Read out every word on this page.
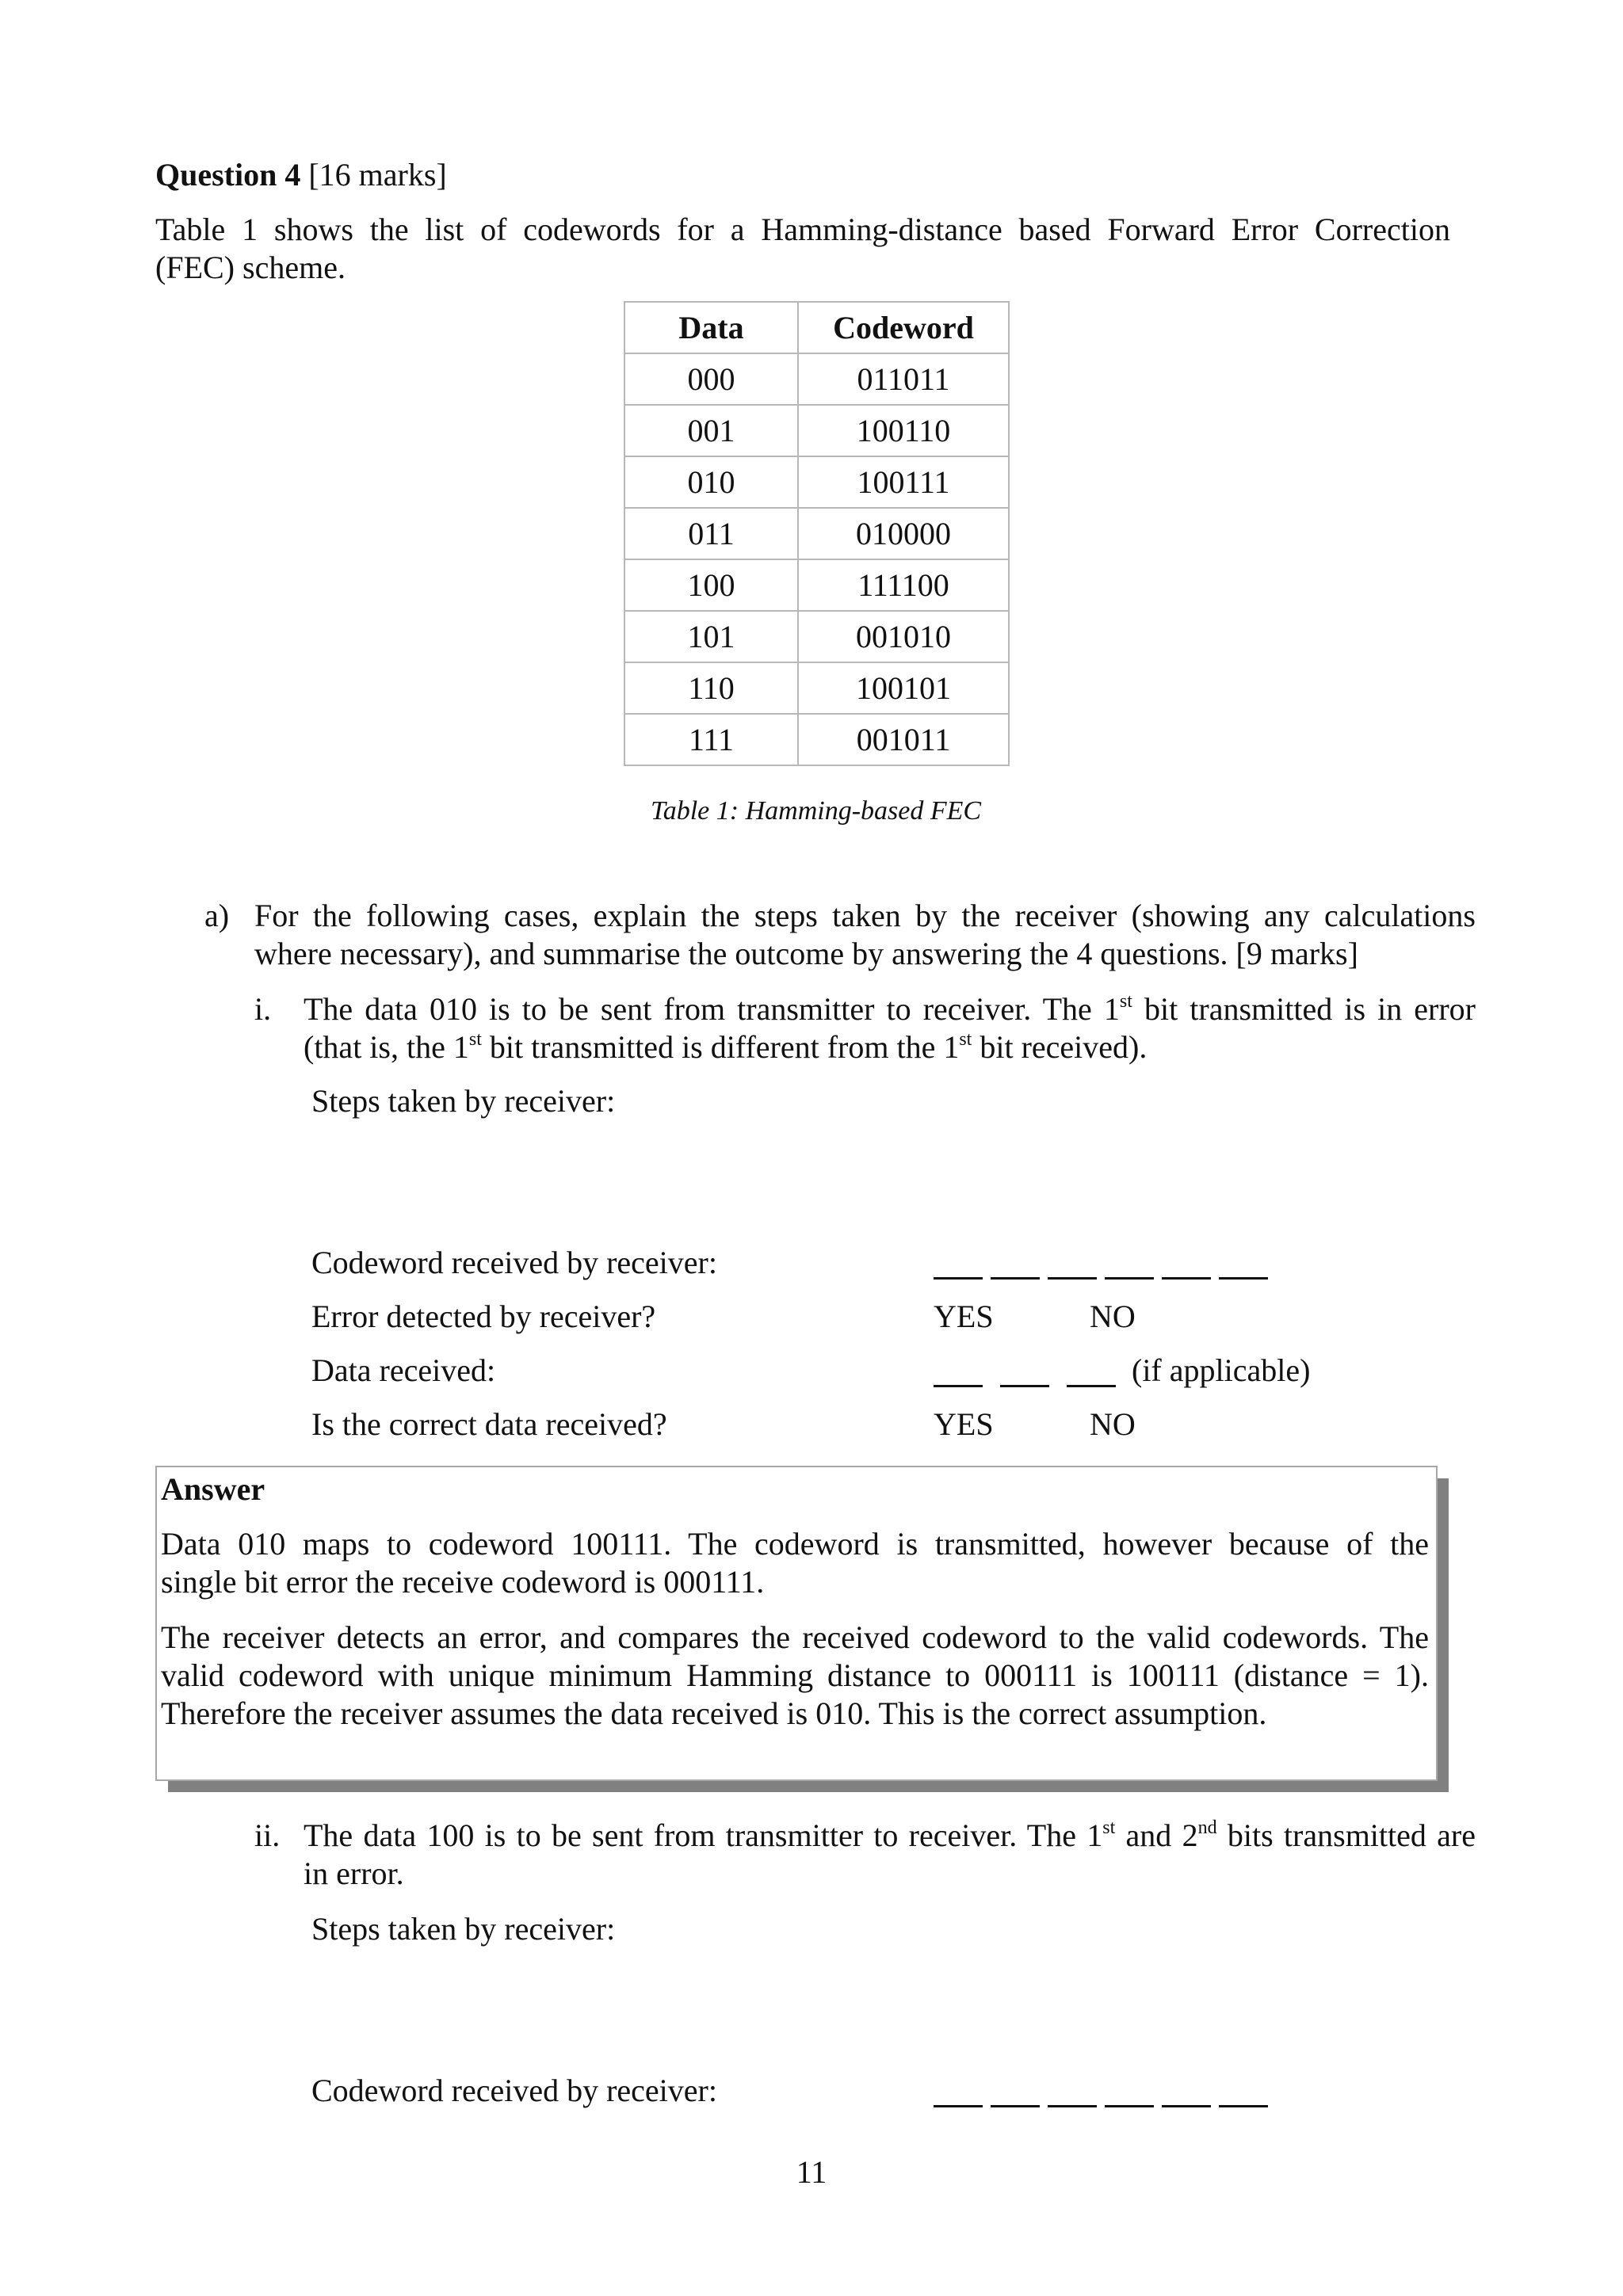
Question 4 [16 marks]
Table 1 shows the list of codewords for a Hamming-distance based Forward Error Correction
(FEC) scheme.
Data	Codeword
000	011011
001	100110
010	100111
011	010000
100	111100
101	001010
110	100101
111	001011
Table 1: Hamming-based FEC
a) For the following cases, explain the steps taken by the receiver (showing any calculations
where necessary), and summarise the outcome by answering the 4 questions. [9 marks]
i. The data 010 is to be sent from transmitter to receiver. The 1st bit transmitted is in error
(that is, the 1st bit transmitted is different from the 1st bit received).
Steps taken by receiver:
Codeword received by receiver:
Error detected by receiver?	YES	NO
Data received:	(if applicable)
Is the correct data received?	YES	NO
Answer
Data 010 maps to codeword 100111. The codeword is transmitted, however because of the
single bit error the receive codeword is 000111.
The receiver detects an error, and compares the received codeword to the valid codewords. The
valid codeword with unique minimum Hamming distance to 000111 is 100111 (distance = 1).
Therefore the receiver assumes the data received is 010. This is the correct assumption.
ii. The data 100 is to be sent from transmitter to receiver. The 1st and 2nd bits transmitted are
in error.
Steps taken by receiver:
Codeword received by receiver:
11
